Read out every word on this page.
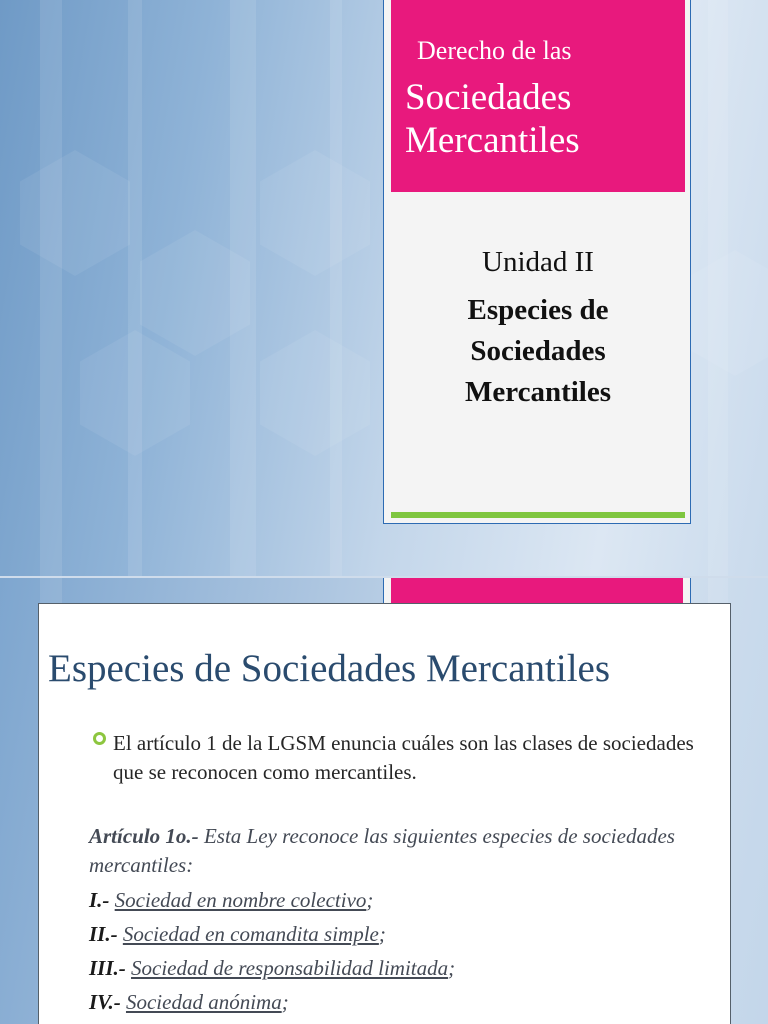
Derecho de las
Sociedades
Mercantiles
Unidad II
Especies de
Sociedades
Mercantiles
Especies de Sociedades Mercantiles
El artículo 1 de la LGSM enuncia cuáles son las clases de sociedades que se reconocen como mercantiles.
Artículo 1o.- Esta Ley reconoce las siguientes especies de sociedades mercantiles:
I.- Sociedad en nombre colectivo;
II.- Sociedad en comandita simple;
III.- Sociedad de responsabilidad limitada;
IV.- Sociedad anónima;
